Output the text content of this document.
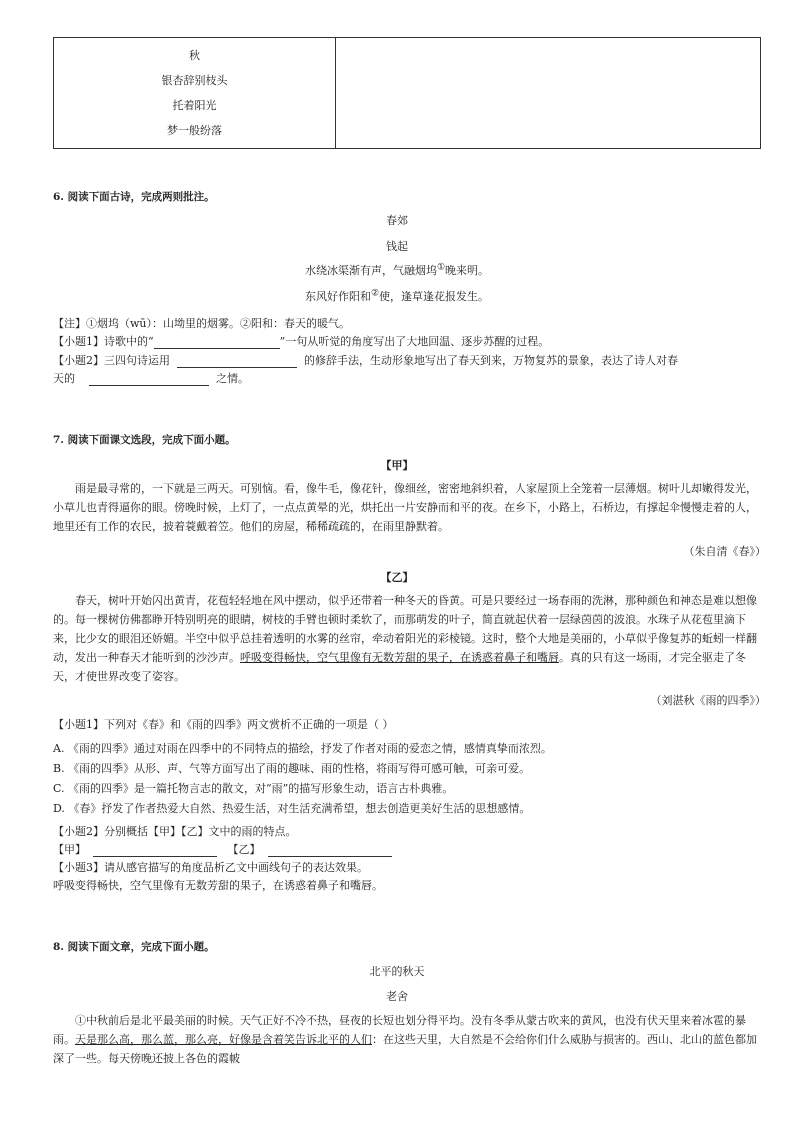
秋
银杏辞别枝头
托着阳光
梦一般纷落
6. 阅读下面古诗，完成两则批注。
春郊
钱起
水绕冰渠渐有声，气融烟坞①晚来明。
东风好作阳和②使，逢草逢花报发生。
【注】①烟坞（wū）：山坳里的烟雾。②阳和：春天的暖气。
【小题1】诗歌中的“	”一句从听觉的角度写出了大地回温、逐步苏醒的过程。
【小题2】三四句诗运用	的修辞手法，生动形象地写出了春天到来，万物复苏的景象，表达了诗人对春
天的	之情。
7. 阅读下面课文选段，完成下面小题。
【甲】
雨是最寻常的，一下就是三两天。可别恼。看，像牛毛，像花针，像细丝，密密地斜织着，人家屋顶上全笼着一层薄烟。树叶儿却嫩得发光，小草儿也青得逼你的眼。傍晚时候，上灯了，一点点黄晕的光，烘托出一片安静而和平的夜。在乡下，小路上，石桥边，有撑起伞慢慢走着的人，地里还有工作的农民，披着蓑戴着笠。他们的房屋，稀稀疏疏的，在雨里静默着。
（朱自清《春》）
【乙】
春天，树叶开始闪出黄青，花苞轻轻地在风中摆动，似乎还带着一种冬天的昏黄。可是只要经过一场春雨的洗淋，那种颜色和神态是难以想像的。每一棵树仿佛都睁开特别明亮的眼睛，树枝的手臂也顿时柔软了，而那萌发的叶子，简直就起伏着一层绿茵茵的波浪。水珠子从花苞里滴下来，比少女的眼泪还娇媚。半空中似乎总挂着透明的水雾的丝帘，牵动着阳光的彩棱镜。这时，整个大地是美丽的，小草似乎像复苏的蚯蚓一样翻动，发出一种春天才能听到的沙沙声。呼吸变得畅快，空气里像有无数芳甜的果子，在诱惑着鼻子和嘴唇。真的只有这一场雨，才完全驱走了冬天，才使世界改变了姿容。
（刘湛秋《雨的四季》）
【小题1】下列对《春》和《雨的四季》两文赏析不正确的一项是（ ）
A. 《雨的四季》通过对雨在四季中的不同特点的描绘，抒发了作者对雨的爱恋之情，感情真挚而浓烈。
B. 《雨的四季》从形、声、气等方面写出了雨的趣味、雨的性格，将雨写得可感可触，可亲可爱。
C. 《雨的四季》是一篇托物言志的散文，对“雨”的描写形象生动，语言古朴典雅。
D. 《春》抒发了作者热爱大自然、热爱生活，对生活充满希望，想去创造更美好生活的思想感情。
【小题2】分别概括【甲】【乙】文中的雨的特点。
【甲】	【乙】
【小题3】请从感官描写的角度品析乙文中画线句子的表达效果。
呼吸变得畅快，空气里像有无数芳甜的果子，在诱惑着鼻子和嘴唇。
8. 阅读下面文章，完成下面小题。
北平的秋天
老舍
①中秋前后是北平最美丽的时候。天气正好不冷不热，昼夜的长短也划分得平均。没有冬季从蒙古吹来的黄风，也没有伏天里来着冰雹的暴雨。天是那么高，那么蓝，那么亮，好像是含着笑告诉北平的人们：在这些天里，大自然是不会给你们什么威胁与损害的。西山、北山的蓝色都加深了一些。每天傍晚还披上各色的霞帔
